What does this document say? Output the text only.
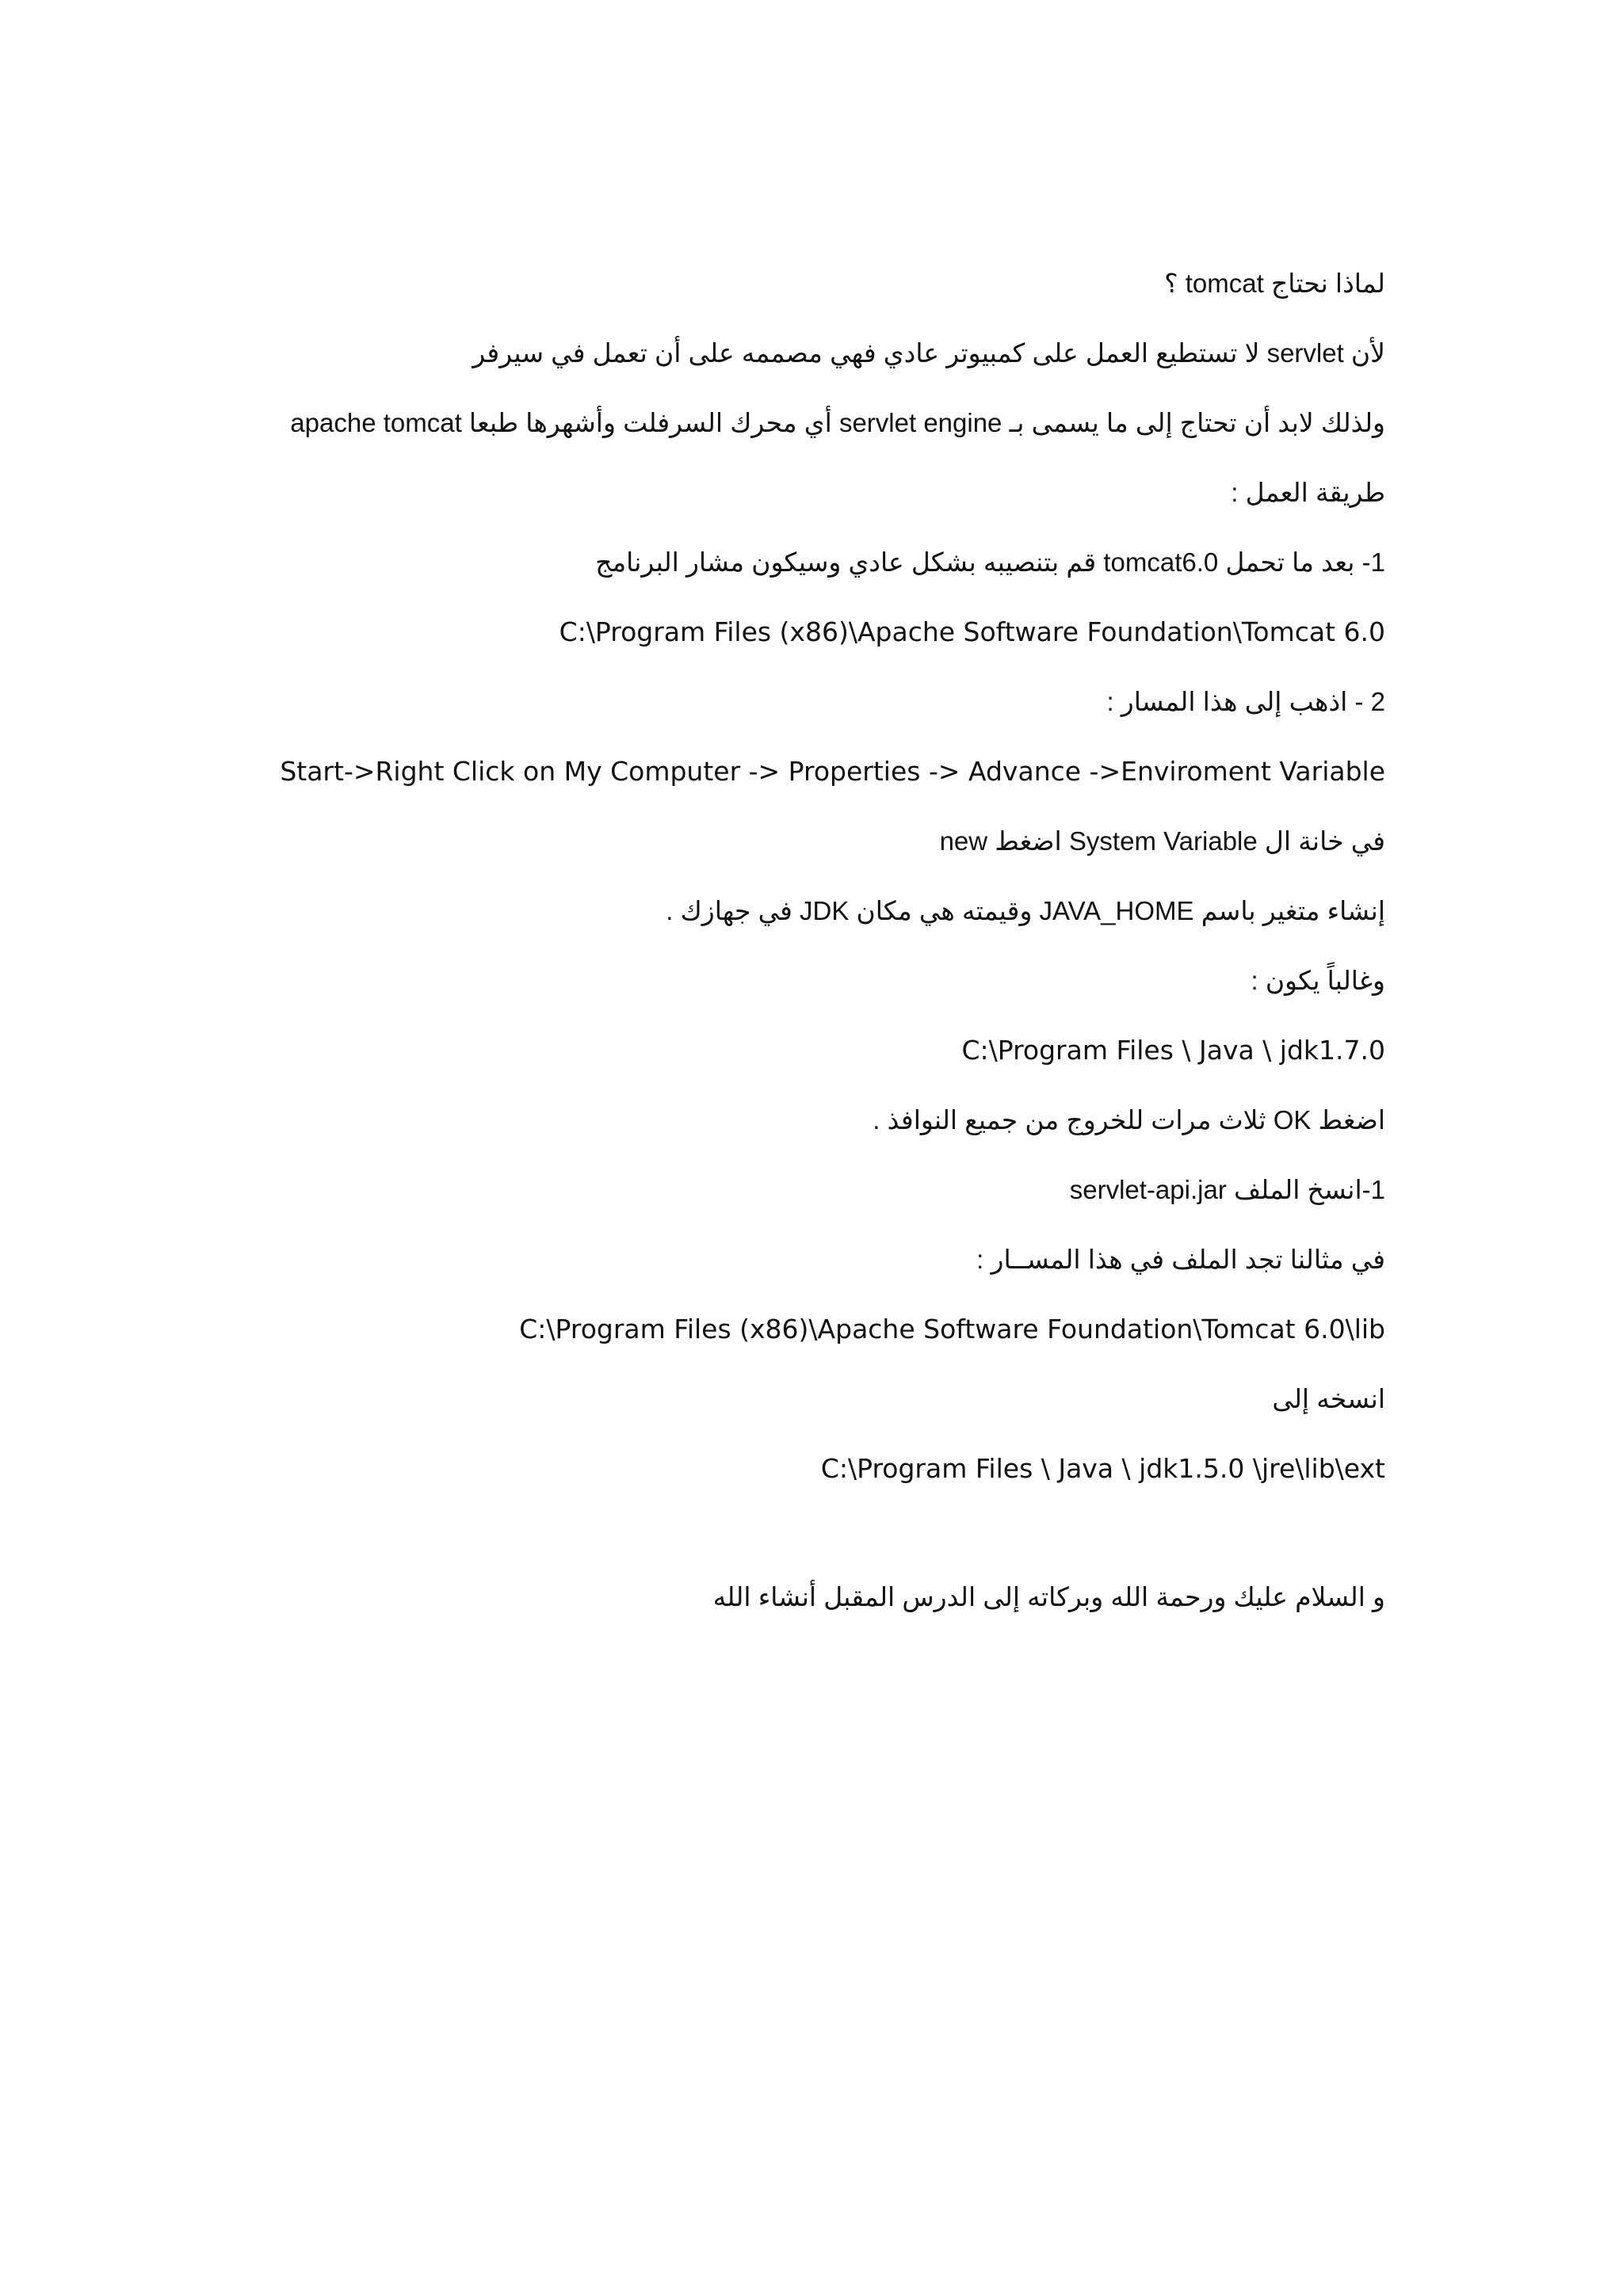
لماذا نحتاج tomcat ؟
لأن servlet لا تستطيع العمل على كمبيوتر عادي فهي مصممه على أن تعمل في سيرفر
ولذلك لابد أن تحتاج إلى ما يسمى بـ servlet engine أي محرك السرفلت وأشهرها طبعا apache tomcat
طريقة العمل :
1- بعد ما تحمل tomcat6.0 قم بتنصيبه بشكل عادي وسيكون مشار البرنامج
C:\Program Files (x86)\Apache Software Foundation\Tomcat 6.0
2 - اذهب إلى هذا المسار :
Start->Right Click on My Computer -> Properties -> Advance ->Enviroment Variable
في خانة ال System Variable اضغط new
إنشاء متغير باسم JAVA_HOME وقيمته هي مكان JDK في جهازك .
وغالباً يكون :
C:\Program Files \ Java \ jdk1.7.0
اضغط OK ثلاث مرات للخروج من جميع النوافذ .
1-انسخ الملف servlet-api.jar
في مثالنا تجد الملف في هذا المســار :
C:\Program Files (x86)\Apache Software Foundation\Tomcat 6.0\lib
انسخه إلى
C:\Program Files \ Java \ jdk1.5.0 \jre\lib\ext
و السلام عليك ورحمة الله وبركاته إلى الدرس المقبل أنشاء الله
